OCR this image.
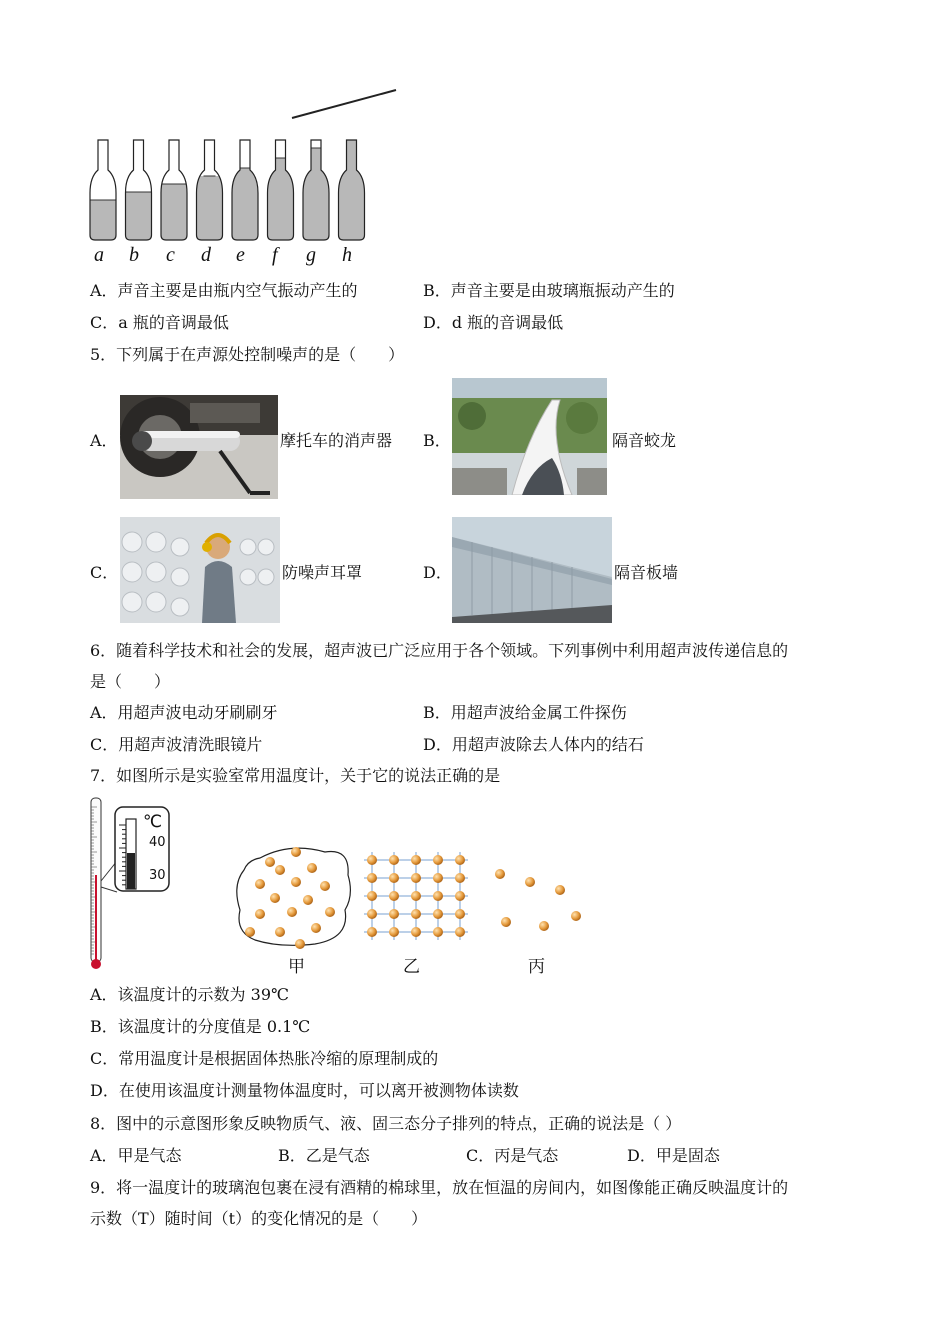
a b c d e f g h
A．声音主要是由瓶内空气振动产生的	B．声音主要是由玻璃瓶振动产生的
C．a 瓶的音调最低	D．d 瓶的音调最低
5．下列属于在声源处控制噪声的是（　　）
A．	摩托车的消声器 B．	隔音蛟龙
C．	防噪声耳罩	D．	隔音板墙
6．随着科学技术和社会的发展，超声波已广泛应用于各个领域。下列事例中利用超声波传递信息的
是（　　）
A．用超声波电动牙刷刷牙	B．用超声波给金属工件探伤
C．用超声波清洗眼镜片	D．用超声波除去人体内的结石
7．如图所示是实验室常用温度计，关于它的说法正确的是
℃
40
30
甲	乙	丙
A．该温度计的示数为 39℃
B．该温度计的分度值是 0.1℃
C．常用温度计是根据固体热胀冷缩的原理制成的
D．在使用该温度计测量物体温度时，可以离开被测物体读数
8．图中的示意图形象反映物质气、液、固三态分子排列的特点，正确的说法是（ ）
A．甲是气态	B．乙是气态	C．丙是气态	D．甲是固态
9．将一温度计的玻璃泡包裹在浸有酒精的棉球里，放在恒温的房间内，如图像能正确反映温度计的
示数（T）随时间（t）的变化情况的是（　　）
